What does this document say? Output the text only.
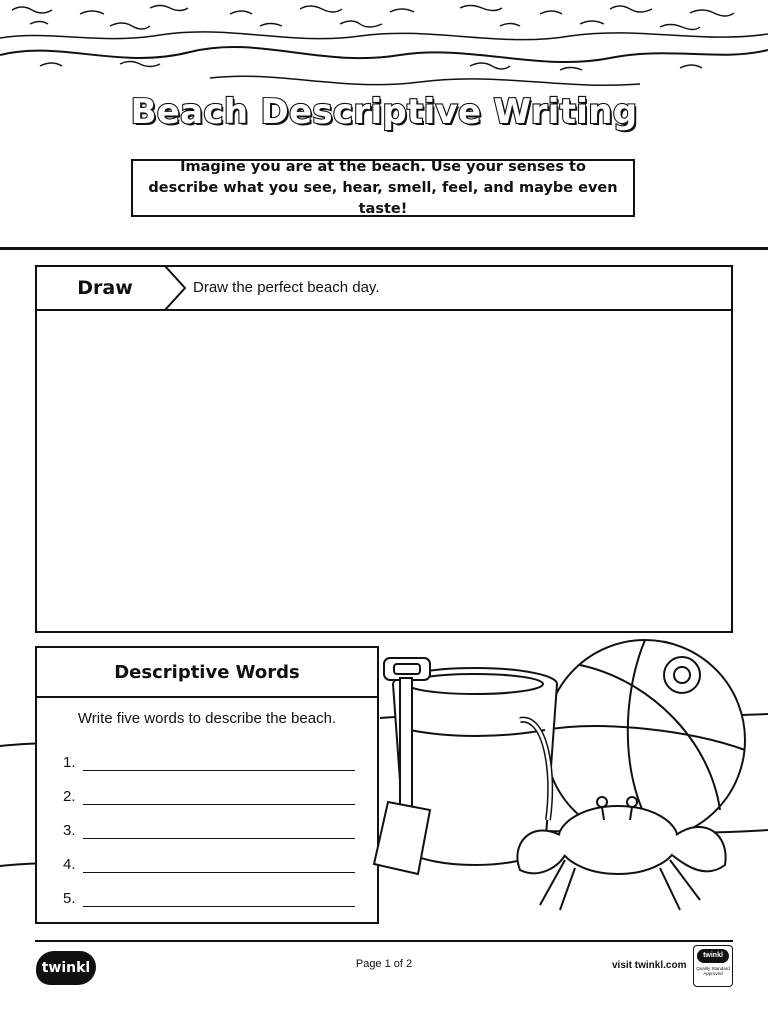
Beach Descriptive Writing
Imagine you are at the beach. Use your senses to describe what you see, hear, smell, feel, and maybe even taste!
Draw	Draw the perfect beach day.
Descriptive Words
Write five words to describe the beach.
1.
2.
3.
4.
5.
twinkl	Page 1 of 2	visit twinkl.com
twinkl
Quality Standard Approved
